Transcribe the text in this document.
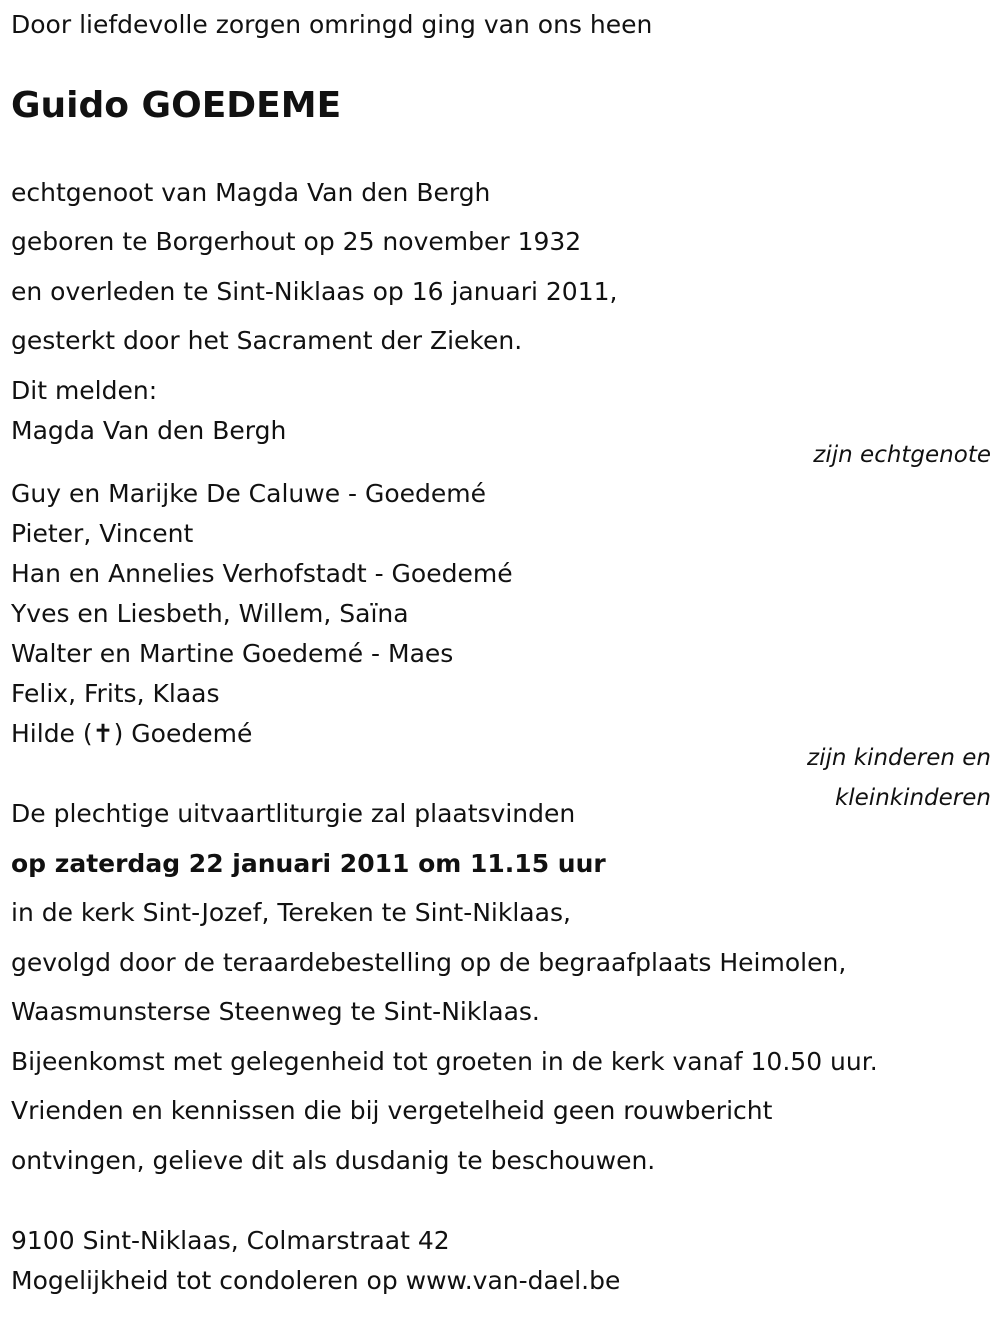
Door liefdevolle zorgen omringd ging van ons heen

Guido GOEDEME

echtgenoot van Magda Van den Bergh

geboren te Borgerhout op 25 november 1932

en overleden te Sint-Niklaas op 16 januari 2011,

gesterkt door het Sacrament der Zieken.

Dit melden:

Magda Van den Bergh

zijn echtgenote

Guy en Marijke De Caluwe - Goedemé

Pieter, Vincent

Han en Annelies Verhofstadt - Goedemé

Yves en Liesbeth, Willem, Saïna

Walter en Martine Goedemé - Maes

Felix, Frits, Klaas

Hilde (✝) Goedemé

zijn kinderen en
kleinkinderen

De plechtige uitvaartliturgie zal plaatsvinden

op zaterdag 22 januari 2011 om 11.15 uur

in de kerk Sint-Jozef, Tereken te Sint-Niklaas,

gevolgd door de teraardebestelling op de begraafplaats Heimolen,

Waasmunsterse Steenweg te Sint-Niklaas.

Bijeenkomst met gelegenheid tot groeten in de kerk vanaf 10.50 uur.

Vrienden en kennissen die bij vergetelheid geen rouwbericht

ontvingen, gelieve dit als dusdanig te beschouwen.

9100 Sint-Niklaas, Colmarstraat 42

Mogelijkheid tot condoleren op www.van-dael.be
